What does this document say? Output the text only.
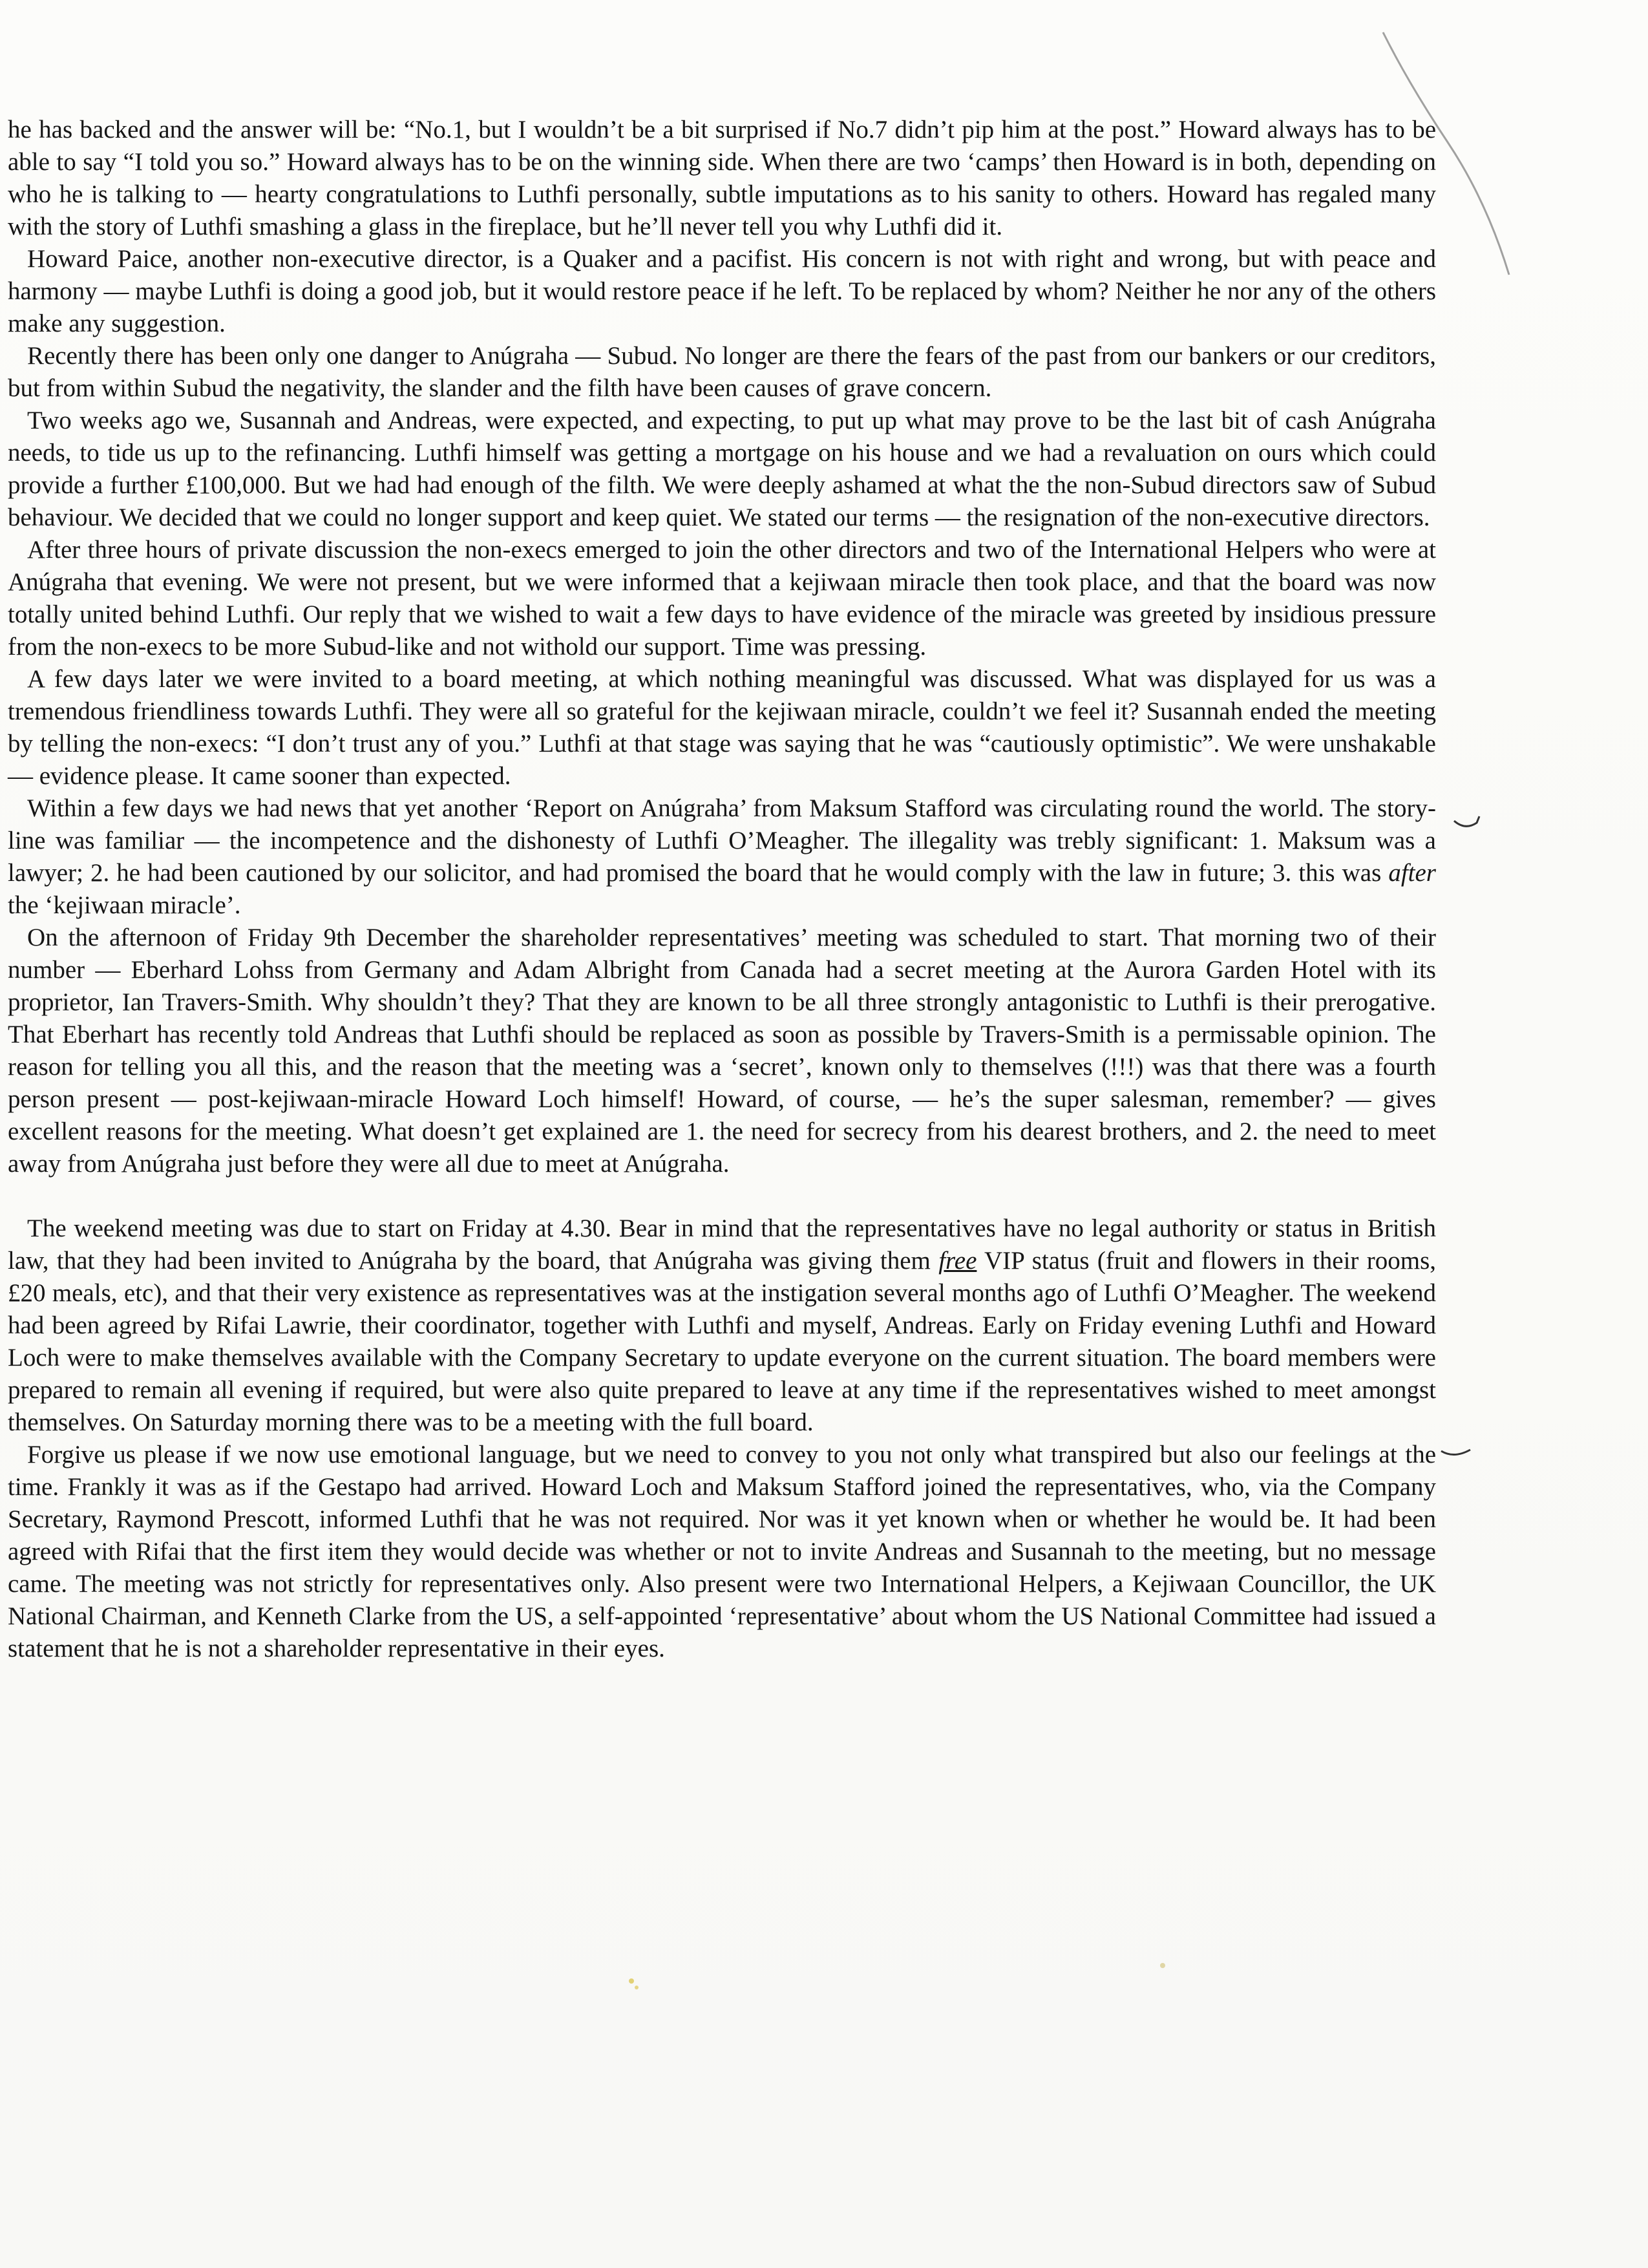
he has backed and the answer will be: “No.1, but I wouldn’t be a bit surprised if No.7 didn’t pip him at the post.” Howard always has to be able to say “I told you so.” Howard always has to be on the winning side. When there are two ‘camps’ then Howard is in both, depending on who he is talking to — hearty congratulations to Luthfi personally, subtle imputations as to his sanity to others. Howard has regaled many with the story of Luthfi smashing a glass in the fireplace, but he’ll never tell you why Luthfi did it.

Howard Paice, another non-executive director, is a Quaker and a pacifist. His concern is not with right and wrong, but with peace and harmony — maybe Luthfi is doing a good job, but it would restore peace if he left. To be replaced by whom? Neither he nor any of the others make any suggestion.

Recently there has been only one danger to Anúgraha — Subud. No longer are there the fears of the past from our bankers or our creditors, but from within Subud the negativity, the slander and the filth have been causes of grave concern.

Two weeks ago we, Susannah and Andreas, were expected, and expecting, to put up what may prove to be the last bit of cash Anúgraha needs, to tide us up to the refinancing. Luthfi himself was getting a mortgage on his house and we had a revaluation on ours which could provide a further £100,000. But we had had enough of the filth. We were deeply ashamed at what the the non-Subud directors saw of Subud behaviour. We decided that we could no longer support and keep quiet. We stated our terms — the resignation of the non-executive directors.

After three hours of private discussion the non-execs emerged to join the other directors and two of the International Helpers who were at Anúgraha that evening. We were not present, but we were informed that a kejiwaan miracle then took place, and that the board was now totally united behind Luthfi. Our reply that we wished to wait a few days to have evidence of the miracle was greeted by insidious pressure from the non-execs to be more Subud-like and not withold our support. Time was pressing.

A few days later we were invited to a board meeting, at which nothing meaningful was discussed. What was displayed for us was a tremendous friendliness towards Luthfi. They were all so grateful for the kejiwaan miracle, couldn’t we feel it? Susannah ended the meeting by telling the non-execs: “I don’t trust any of you.” Luthfi at that stage was saying that he was “cautiously optimistic”. We were unshakable — evidence please. It came sooner than expected.

Within a few days we had news that yet another ‘Report on Anúgraha’ from Maksum Stafford was circulating round the world. The story-line was familiar — the incompetence and the dishonesty of Luthfi O’Meagher. The illegality was trebly significant: 1. Maksum was a lawyer; 2. he had been cautioned by our solicitor, and had promised the board that he would comply with the law in future; 3. this was after the ‘kejiwaan miracle’.

On the afternoon of Friday 9th December the shareholder representatives’ meeting was scheduled to start. That morning two of their number — Eberhard Lohss from Germany and Adam Albright from Canada had a secret meeting at the Aurora Garden Hotel with its proprietor, Ian Travers-Smith. Why shouldn’t they? That they are known to be all three strongly antagonistic to Luthfi is their prerogative. That Eberhart has recently told Andreas that Luthfi should be replaced as soon as possible by Travers-Smith is a permissable opinion. The reason for telling you all this, and the reason that the meeting was a ‘secret’, known only to themselves (!!!) was that there was a fourth person present — post-kejiwaan-miracle Howard Loch himself! Howard, of course, — he’s the super salesman, remember? — gives excellent reasons for the meeting. What doesn’t get explained are 1. the need for secrecy from his dearest brothers, and 2. the need to meet away from Anúgraha just before they were all due to meet at Anúgraha.

The weekend meeting was due to start on Friday at 4.30. Bear in mind that the representatives have no legal authority or status in British law, that they had been invited to Anúgraha by the board, that Anúgraha was giving them free VIP status (fruit and flowers in their rooms, £20 meals, etc), and that their very existence as representatives was at the instigation several months ago of Luthfi O’Meagher. The weekend had been agreed by Rifai Lawrie, their coordinator, together with Luthfi and myself, Andreas. Early on Friday evening Luthfi and Howard Loch were to make themselves available with the Company Secretary to update everyone on the current situation. The board members were prepared to remain all evening if required, but were also quite prepared to leave at any time if the representatives wished to meet amongst themselves. On Saturday morning there was to be a meeting with the full board.

Forgive us please if we now use emotional language, but we need to convey to you not only what transpired but also our feelings at the time. Frankly it was as if the Gestapo had arrived. Howard Loch and Maksum Stafford joined the representatives, who, via the Company Secretary, Raymond Prescott, informed Luthfi that he was not required. Nor was it yet known when or whether he would be. It had been agreed with Rifai that the first item they would decide was whether or not to invite Andreas and Susannah to the meeting, but no message came. The meeting was not strictly for representatives only. Also present were two International Helpers, a Kejiwaan Councillor, the UK National Chairman, and Kenneth Clarke from the US, a self-appointed ‘representative’ about whom the US National Committee had issued a statement that he is not a shareholder representative in their eyes.
